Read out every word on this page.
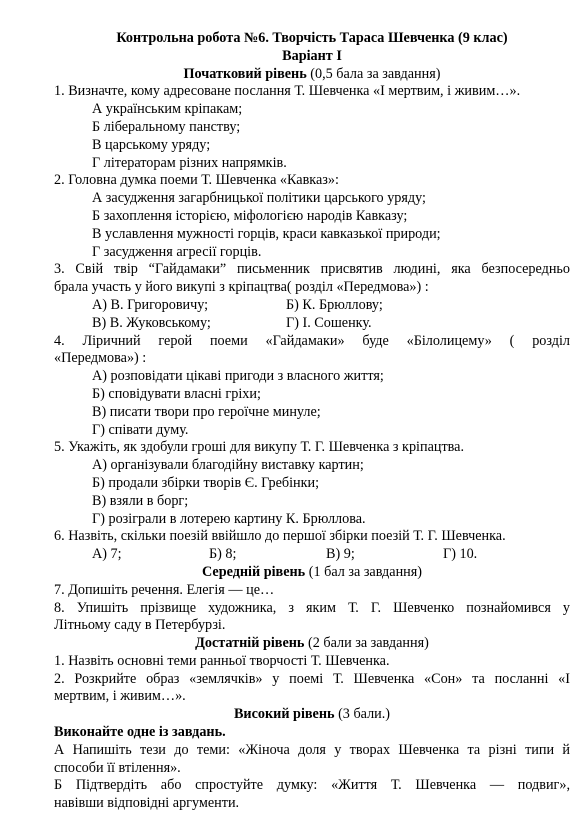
Контрольна робота №6. Творчість Тараса Шевченка (9 клас)
Варіант І
Початковий рівень (0,5 бала за завдання)
1. Визначте, кому адресоване послання Т. Шевченка «І мертвим, і живим…».
А українським кріпакам;
Б ліберальному панству;
В царському уряду;
Г літераторам різних напрямків.
2. Головна думка поеми Т. Шевченка «Кавказ»:
А засудження загарбницької політики царського уряду;
Б захоплення історією, міфологією народів Кавказу;
В уславлення мужності горців, краси кавказької природи;
Г засудження агресії горців.
3. Свій твір “Гайдамаки” письменник присвятив людині, яка безпосередньо
брала участь у його викупі з кріпацтва( розділ «Передмова») :
А) В. Григоровичу;	Б) К. Брюллову;
В) В. Жуковському;	Г) І. Сошенку.
4. Ліричний герой поеми «Гайдамаки» буде «Білолицему» ( розділ
«Передмова») :
А) розповідати цікаві пригоди з власного життя;
Б) сповідувати власні гріхи;
В) писати твори про героїчне минуле;
Г) співати думу.
5. Укажіть, як здобули гроші для викупу Т. Г. Шевченка з кріпацтва.
А) організували благодійну виставку картин;
Б) продали збірки творів Є. Гребінки;
В) взяли в борг;
Г) розіграли в лотерею картину К. Брюллова.
6. Назвіть, скільки поезій ввійшло до першої збірки поезій Т. Г. Шевченка.
А) 7;	Б) 8;	В) 9;	Г) 10.
Середній рівень (1 бал за завдання)
7. Допишіть речення. Елегія — це…
8. Упишіть прізвище художника, з яким Т. Г. Шевченко познайомився у
Літньому саду в Петербурзі.
Достатній рівень (2 бали за завдання)
1. Назвіть основні теми ранньої творчості Т. Шевченка.
2. Розкрийте образ «землячків» у поемі Т. Шевченка «Сон» та посланні «І
мертвим, і живим…».
Високий рівень (3 бали.)
Виконайте одне із завдань.
А Напишіть тези до теми: «Жіноча доля у творах Шевченка та різні типи й
способи її втілення».
Б Підтвердіть або спростуйте думку: «Життя Т. Шевченка — подвиг»,
навівши відповідні аргументи.
